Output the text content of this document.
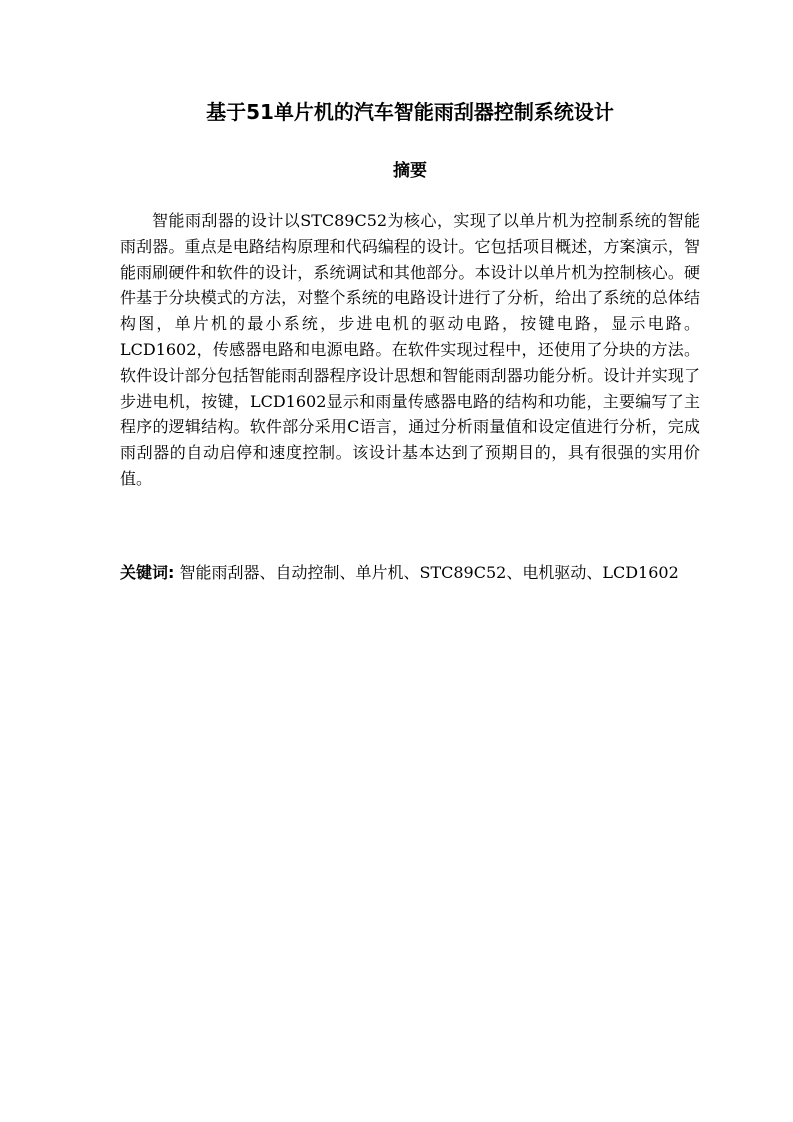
基于51单片机的汽车智能雨刮器控制系统设计
摘要

智能雨刮器的设计以STC89C52为核心，实现了以单片机为控制系统的智能雨刮器。重点是电路结构原理和代码编程的设计。它包括项目概述，方案演示，智能雨刷硬件和软件的设计，系统调试和其他部分。本设计以单片机为控制核心。硬件基于分块模式的方法，对整个系统的电路设计进行了分析，给出了系统的总体结构图，单片机的最小系统，步进电机的驱动电路，按键电路，显示电路。LCD1602，传感器电路和电源电路。在软件实现过程中，还使用了分块的方法。软件设计部分包括智能雨刮器程序设计思想和智能雨刮器功能分析。设计并实现了步进电机，按键，LCD1602显示和雨量传感器电路的结构和功能，主要编写了主程序的逻辑结构。软件部分采用C语言，通过分析雨量值和设定值进行分析，完成雨刮器的自动启停和速度控制。该设计基本达到了预期目的，具有很强的实用价值。

关键词: 智能雨刮器、自动控制、单片机、STC89C52、电机驱动、LCD1602
